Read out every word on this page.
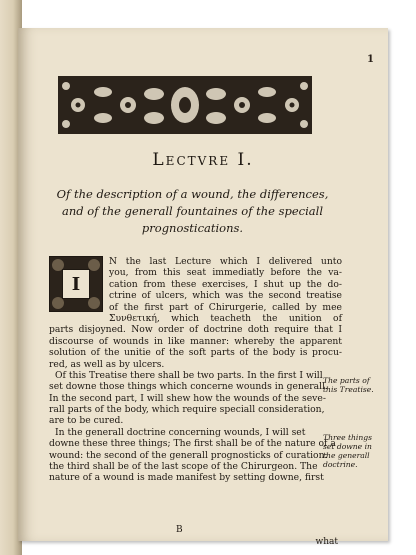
1
Lectvre I.
Of the description of a wound, the differences,
and of the generall fountaines of the speciall
prognostications.
I
N the last Lecture which I delivered unto
you, from this seat immediatly before the va-
cation from these exercises, I shut up the do-
ctrine of ulcers, which was the second treatise
of the first part of Chirurgerie, called by mee
Συνθετική, which teacheth the unition of
parts disjoyned. Now order of doctrine doth require that I
discourse of wounds in like manner: whereby the apparent
solution of the unitie of the soft parts of the body is procu-
red, as well as by ulcers.
Of this Treatise there shall be two parts. In the first I will
set downe those things which concerne wounds in generall.
In the second part, I will shew how the wounds of the seve-
rall parts of the body, which require speciall consideration,
are to be cured.
In the generall doctrine concerning wounds, I will set
downe these three things; The first shall be of the nature of a
wound: the second of the generall prognosticks of curation:
the third shall be of the last scope of the Chirurgeon. The
nature of a wound is made manifest by setting downe, first
The parts of
this Treatise.
Three things
set downe in
the generall
doctrine.
B
what
